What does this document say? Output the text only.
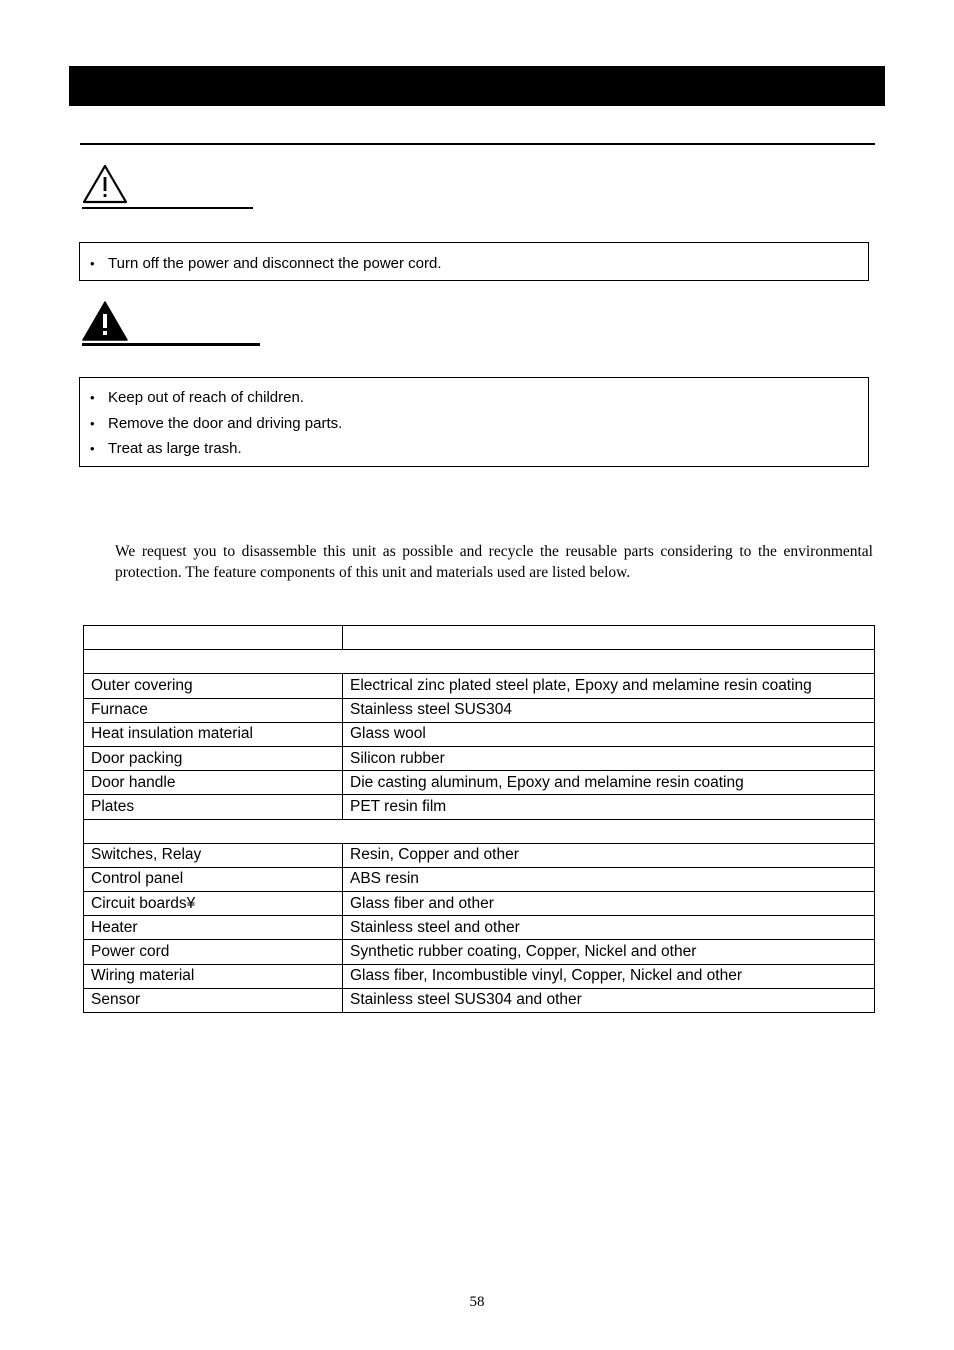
• Turn off the power and disconnect the power cord.
• Keep out of reach of children.
• Remove the door and driving parts.
• Treat as large trash.
We request you to disassemble this unit as possible and recycle the reusable parts considering to the environmental protection. The feature components of this unit and materials used are listed below.

Outer covering	Electrical zinc plated steel plate, Epoxy and melamine resin coating
Furnace	Stainless steel SUS304
Heat insulation material	Glass wool
Door packing	Silicon rubber
Door handle	Die casting aluminum, Epoxy and melamine resin coating
Plates	PET resin film

Switches, Relay	Resin, Copper and other
Control panel	ABS resin
Circuit boards¥	Glass fiber and other
Heater	Stainless steel and other
Power cord	Synthetic rubber coating, Copper, Nickel and other
Wiring material	Glass fiber, Incombustible vinyl, Copper, Nickel and other
Sensor	Stainless steel SUS304 and other
58
